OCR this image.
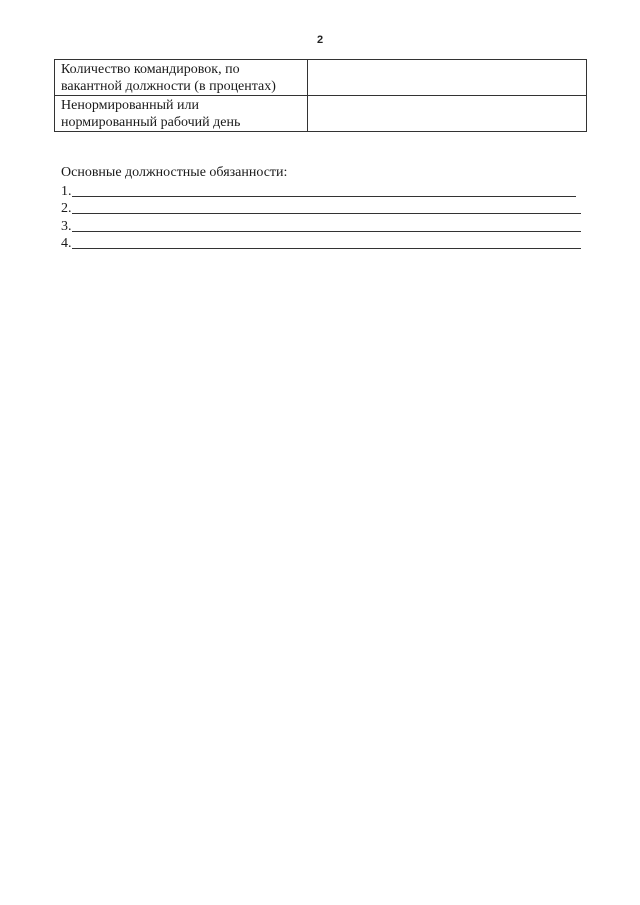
2
Количество командировок, по
вакантной должности (в процентах)	

Ненормированный или
нормированный рабочий день	

Основные должностные обязанности:
1.
2.
3.
4.
